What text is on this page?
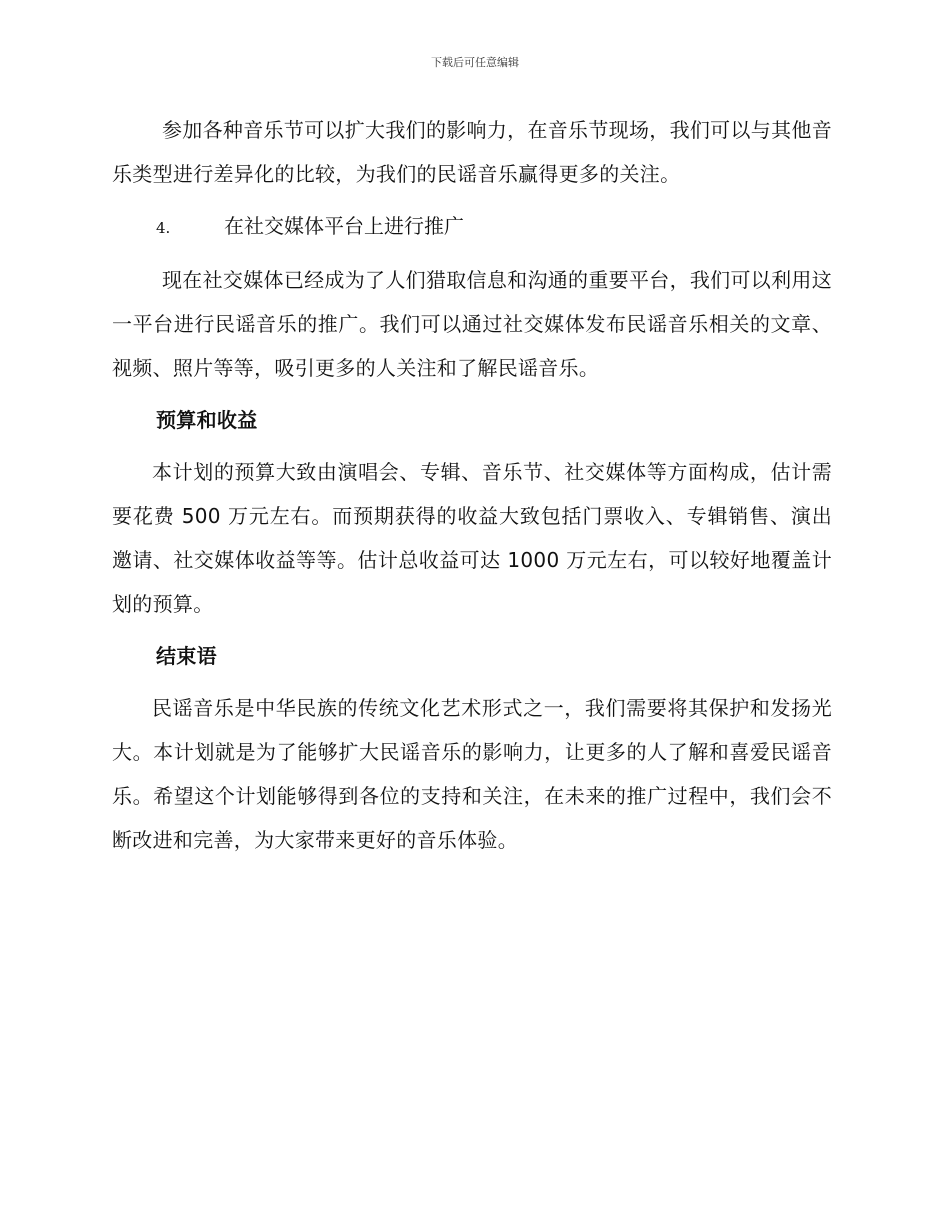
下载后可任意编辑

参加各种音乐节可以扩大我们的影响力，在音乐节现场，我们可以与其他音乐类型进行差异化的比较，为我们的民谣音乐赢得更多的关注。

4.	在社交媒体平台上进行推广

现在社交媒体已经成为了人们猎取信息和沟通的重要平台，我们可以利用这一平台进行民谣音乐的推广。我们可以通过社交媒体发布民谣音乐相关的文章、视频、照片等等，吸引更多的人关注和了解民谣音乐。

预算和收益

本计划的预算大致由演唱会、专辑、音乐节、社交媒体等方面构成，估计需要花费 500 万元左右。而预期获得的收益大致包括门票收入、专辑销售、演出邀请、社交媒体收益等等。估计总收益可达 1000 万元左右，可以较好地覆盖计划的预算。

结束语

民谣音乐是中华民族的传统文化艺术形式之一，我们需要将其保护和发扬光大。本计划就是为了能够扩大民谣音乐的影响力，让更多的人了解和喜爱民谣音乐。希望这个计划能够得到各位的支持和关注，在未来的推广过程中，我们会不断改进和完善，为大家带来更好的音乐体验。
